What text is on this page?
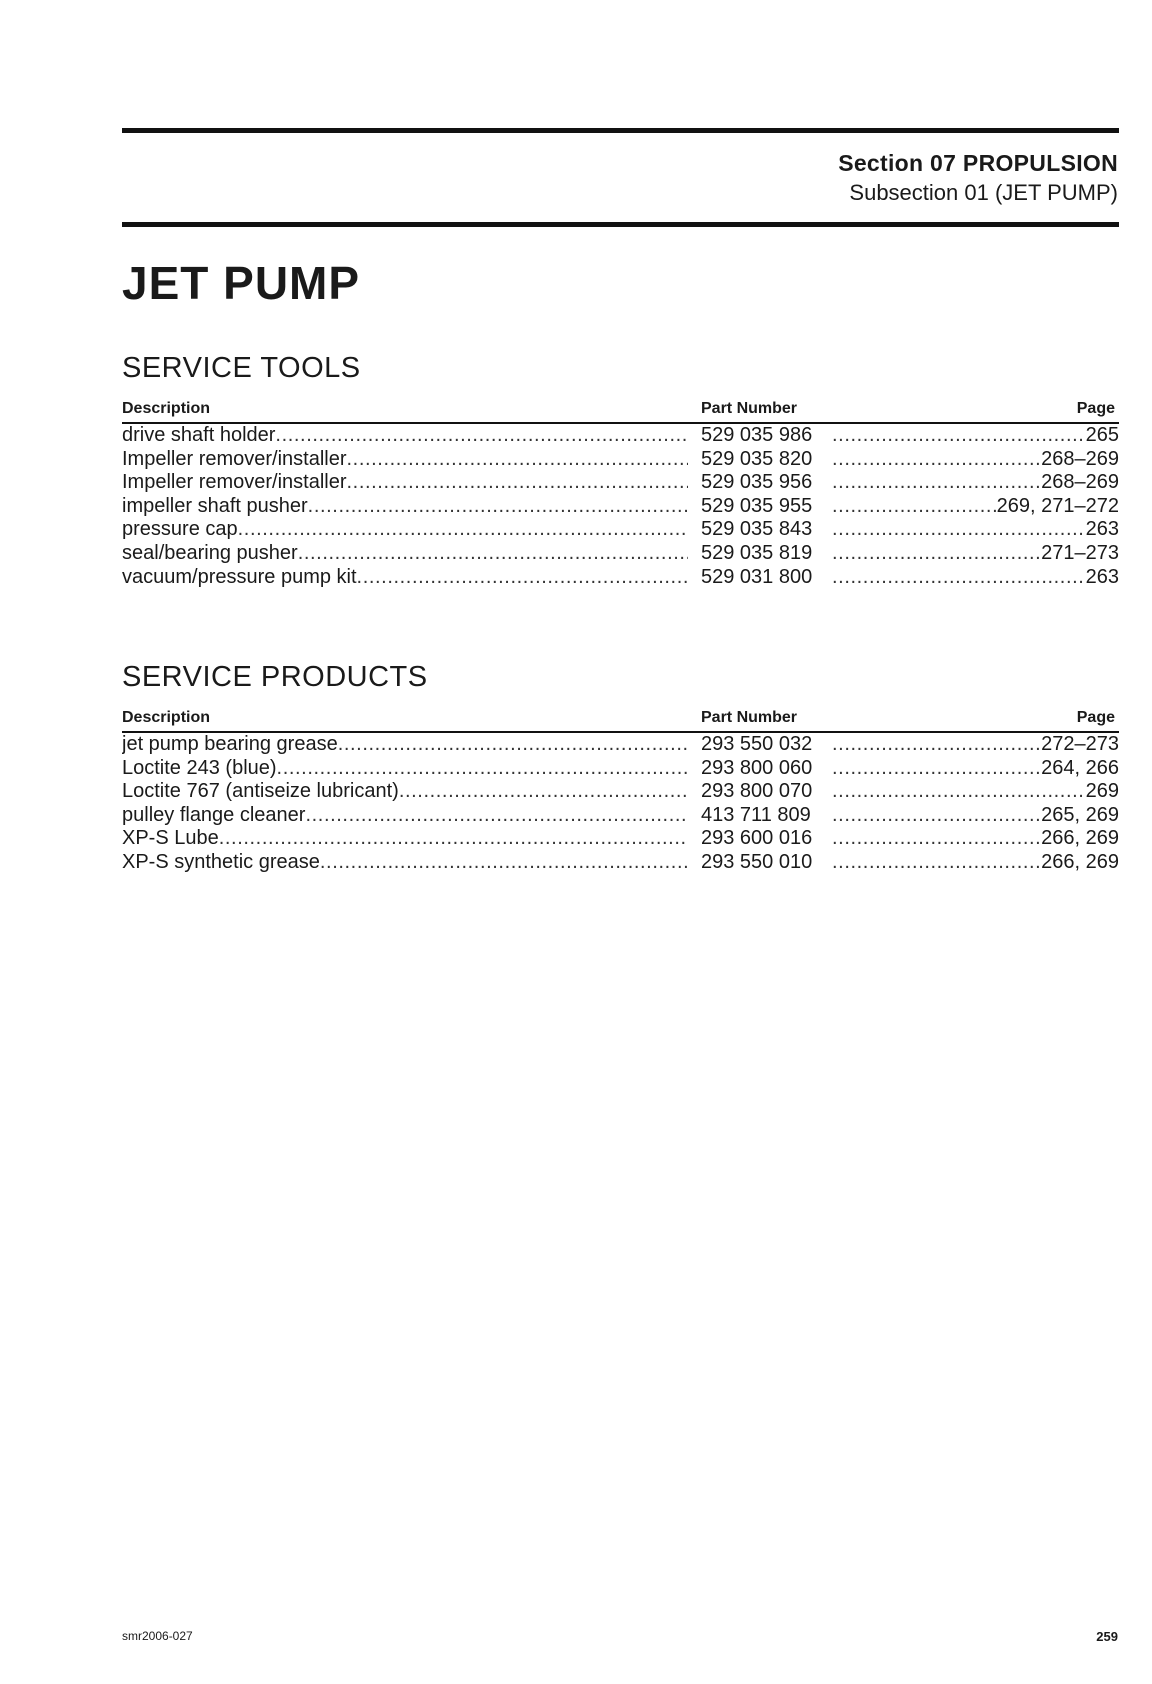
Section 07 PROPULSION
Subsection 01 (JET PUMP)
JET PUMP
SERVICE TOOLS
Description	Part Number	Page
drive shaft holder .....	529 035 986 .....	265
Impeller remover/installer .....	529 035 820 .....	268–269
Impeller remover/installer .....	529 035 956 .....	268–269
impeller shaft pusher .....	529 035 955 .....	269, 271–272
pressure cap .....	529 035 843 .....	263
seal/bearing pusher .....	529 035 819 .....	271–273
vacuum/pressure pump kit .....	529 031 800 .....	263
SERVICE PRODUCTS
Description	Part Number	Page
jet pump bearing grease .....	293 550 032 .....	272–273
Loctite 243 (blue) .....	293 800 060 .....	264, 266
Loctite 767 (antiseize lubricant) .....	293 800 070 .....	269
pulley flange cleaner .....	413 711 809 .....	265, 269
XP-S Lube .....	293 600 016 .....	266, 269
XP-S synthetic grease .....	293 550 010 .....	266, 269
smr2006-027	259
